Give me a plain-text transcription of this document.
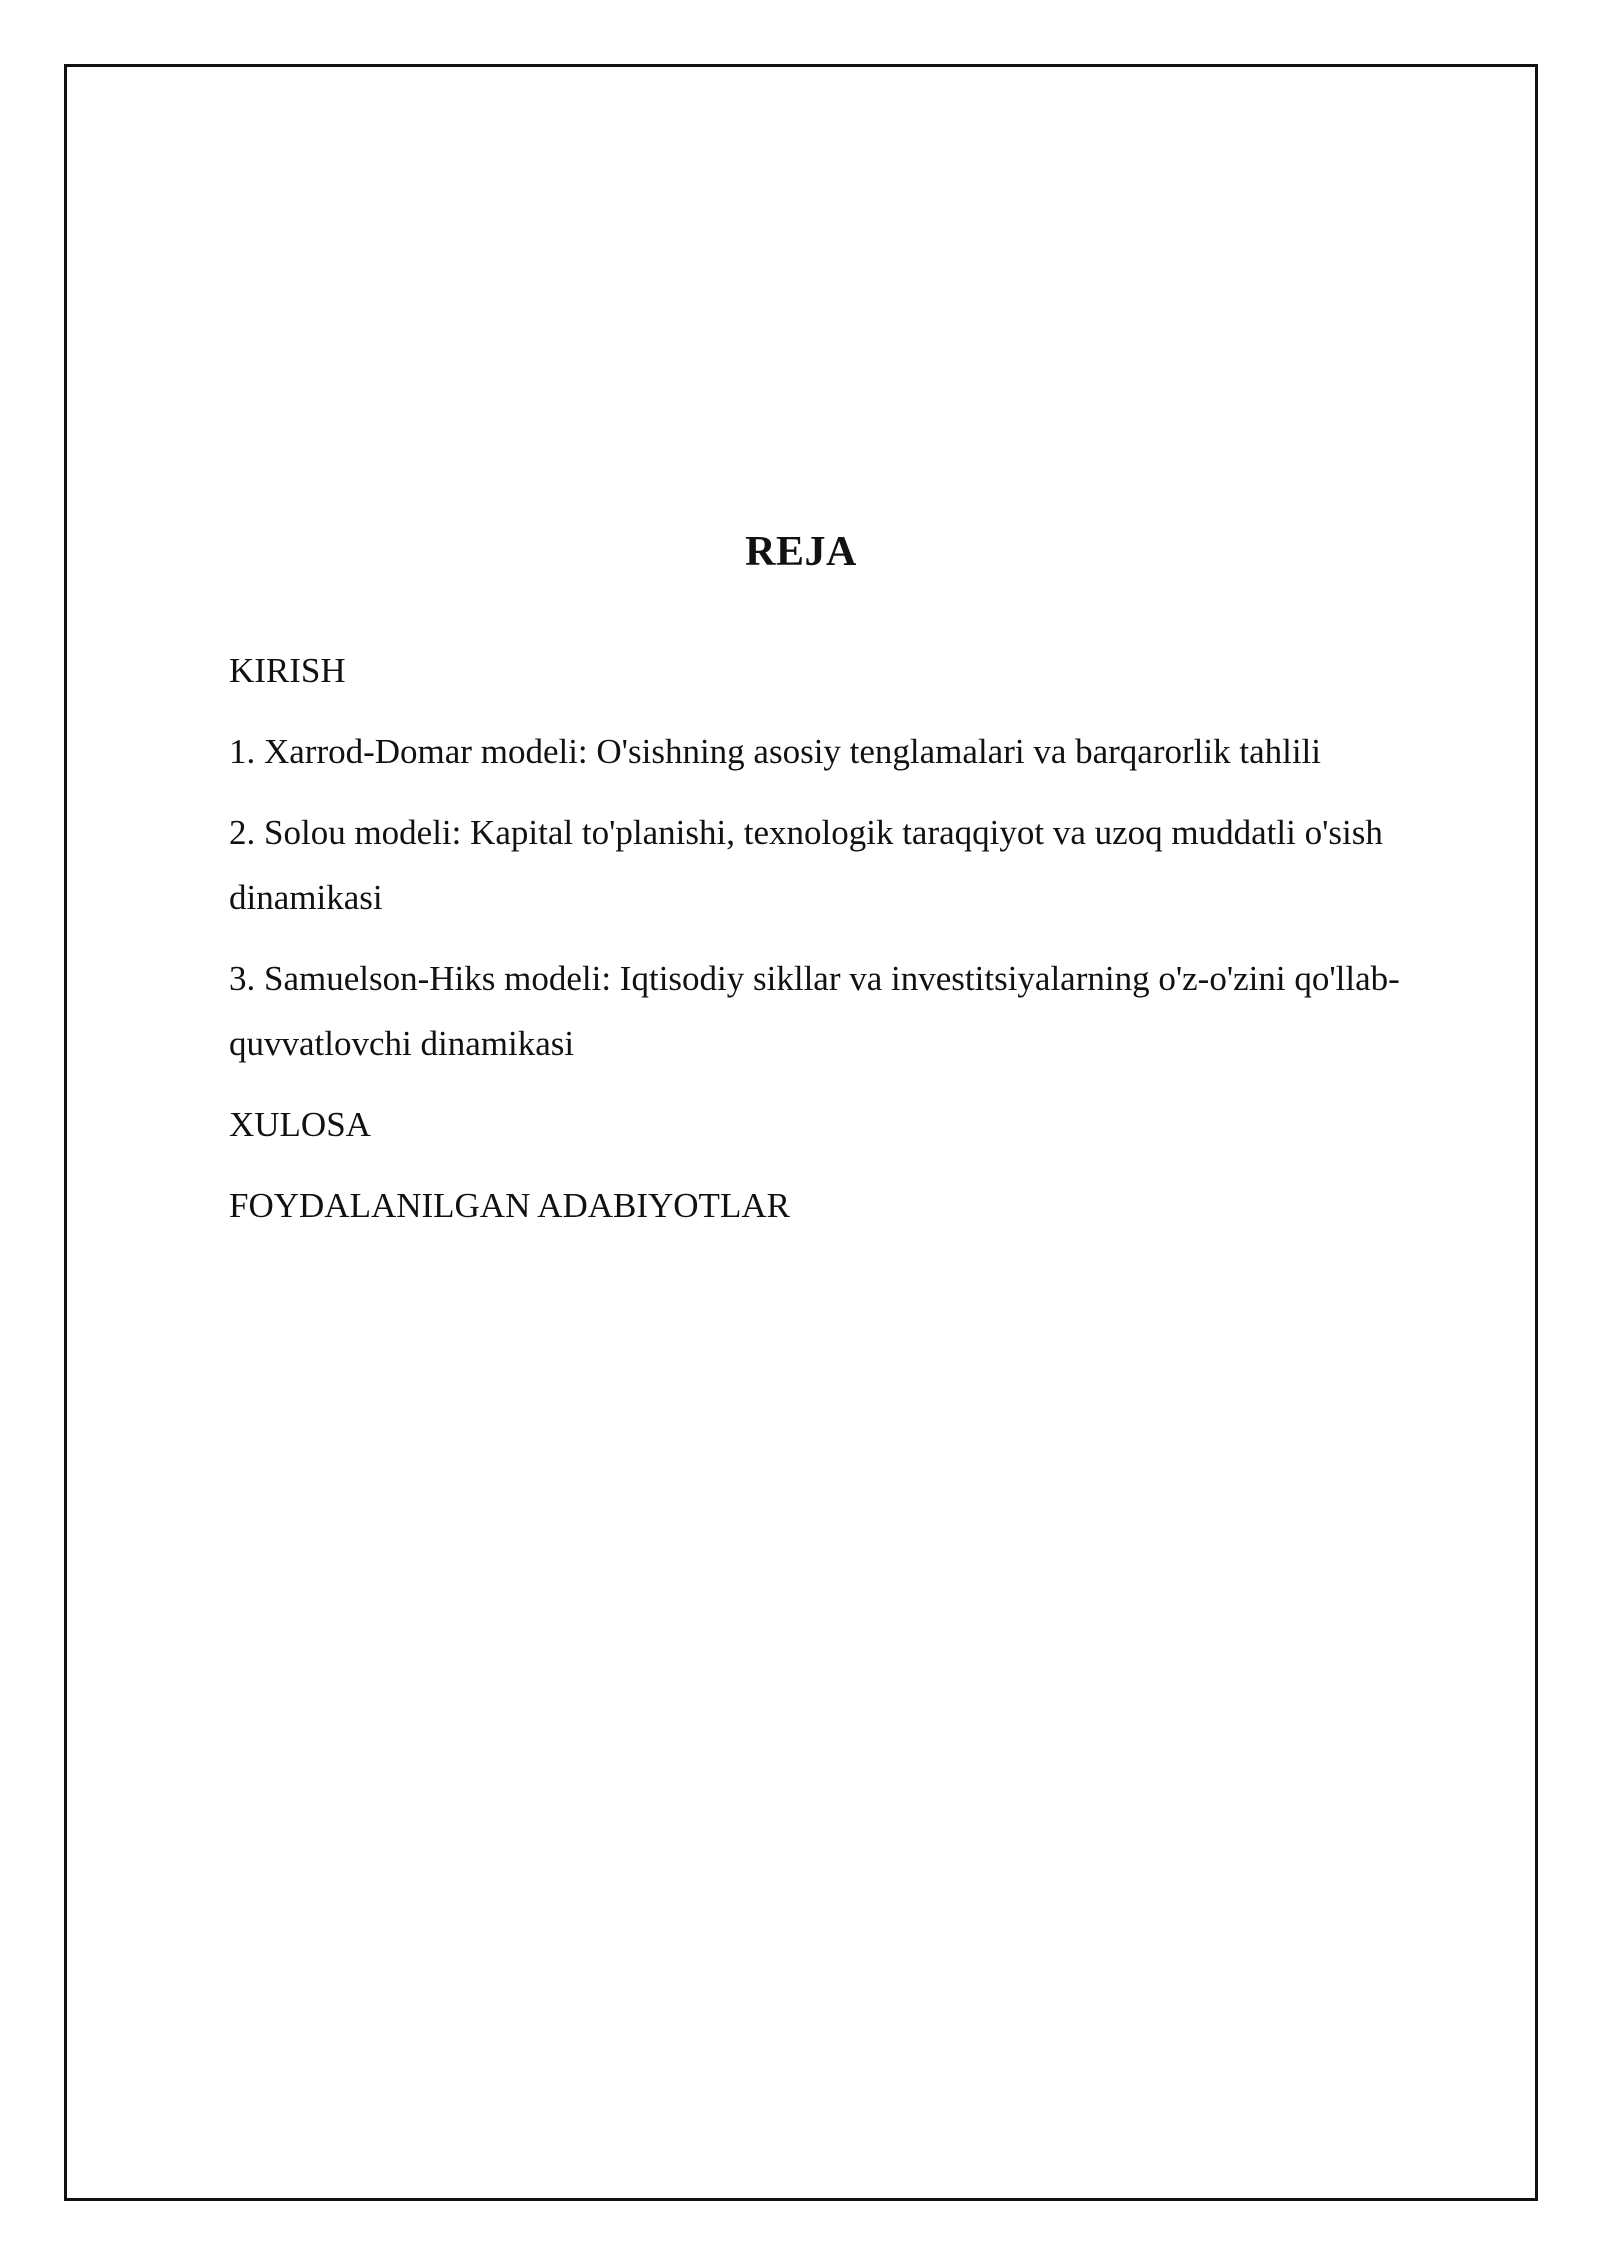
REJA
KIRISH
1. Xarrod-Domar modeli: O'sishning asosiy tenglamalari va barqarorlik tahlili
2. Solou modeli: Kapital to'planishi, texnologik taraqqiyot va uzoq muddatli o'sish dinamikasi
3. Samuelson-Hiks modeli: Iqtisodiy sikllar va investitsiyalarning o'z-o'zini qo'llab-quvvatlovchi dinamikasi
XULOSA
FOYDALANILGAN ADABIYOTLAR
